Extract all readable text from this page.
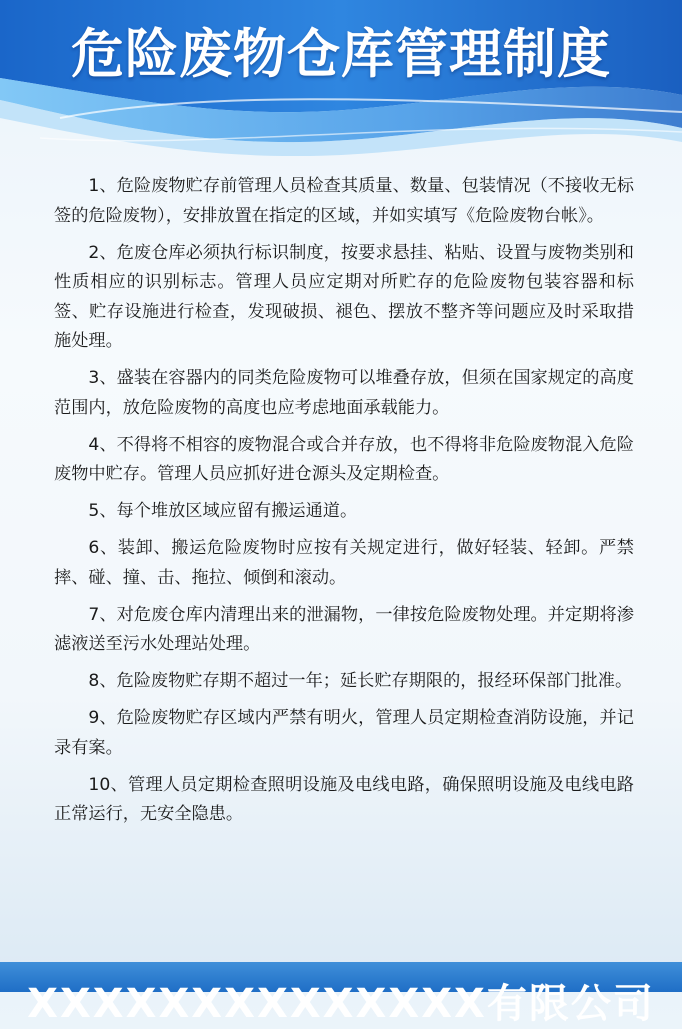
危险废物仓库管理制度

1、危险废物贮存前管理人员检查其质量、数量、包装情况（不接收无标签的危险废物），安排放置在指定的区域，并如实填写《危险废物台帐》。

2、危废仓库必须执行标识制度，按要求悬挂、粘贴、设置与废物类别和性质相应的识别标志。管理人员应定期对所贮存的危险废物包装容器和标签、贮存设施进行检查，发现破损、褪色、摆放不整齐等问题应及时采取措施处理。

3、盛装在容器内的同类危险废物可以堆叠存放，但须在国家规定的高度范围内，放危险废物的高度也应考虑地面承载能力。

4、不得将不相容的废物混合或合并存放，也不得将非危险废物混入危险废物中贮存。管理人员应抓好进仓源头及定期检查。

5、每个堆放区域应留有搬运通道。

6、装卸、搬运危险废物时应按有关规定进行，做好轻装、轻卸。严禁摔、碰、撞、击、拖拉、倾倒和滚动。

7、对危废仓库内清理出来的泄漏物，一律按危险废物处理。并定期将渗滤液送至污水处理站处理。

8、危险废物贮存期不超过一年；延长贮存期限的，报经环保部门批准。

9、危险废物贮存区域内严禁有明火，管理人员定期检查消防设施，并记录有案。

10、管理人员定期检查照明设施及电线电路，确保照明设施及电线电路正常运行，无安全隐患。

XXXXXXXXXXXXXX有限公司
